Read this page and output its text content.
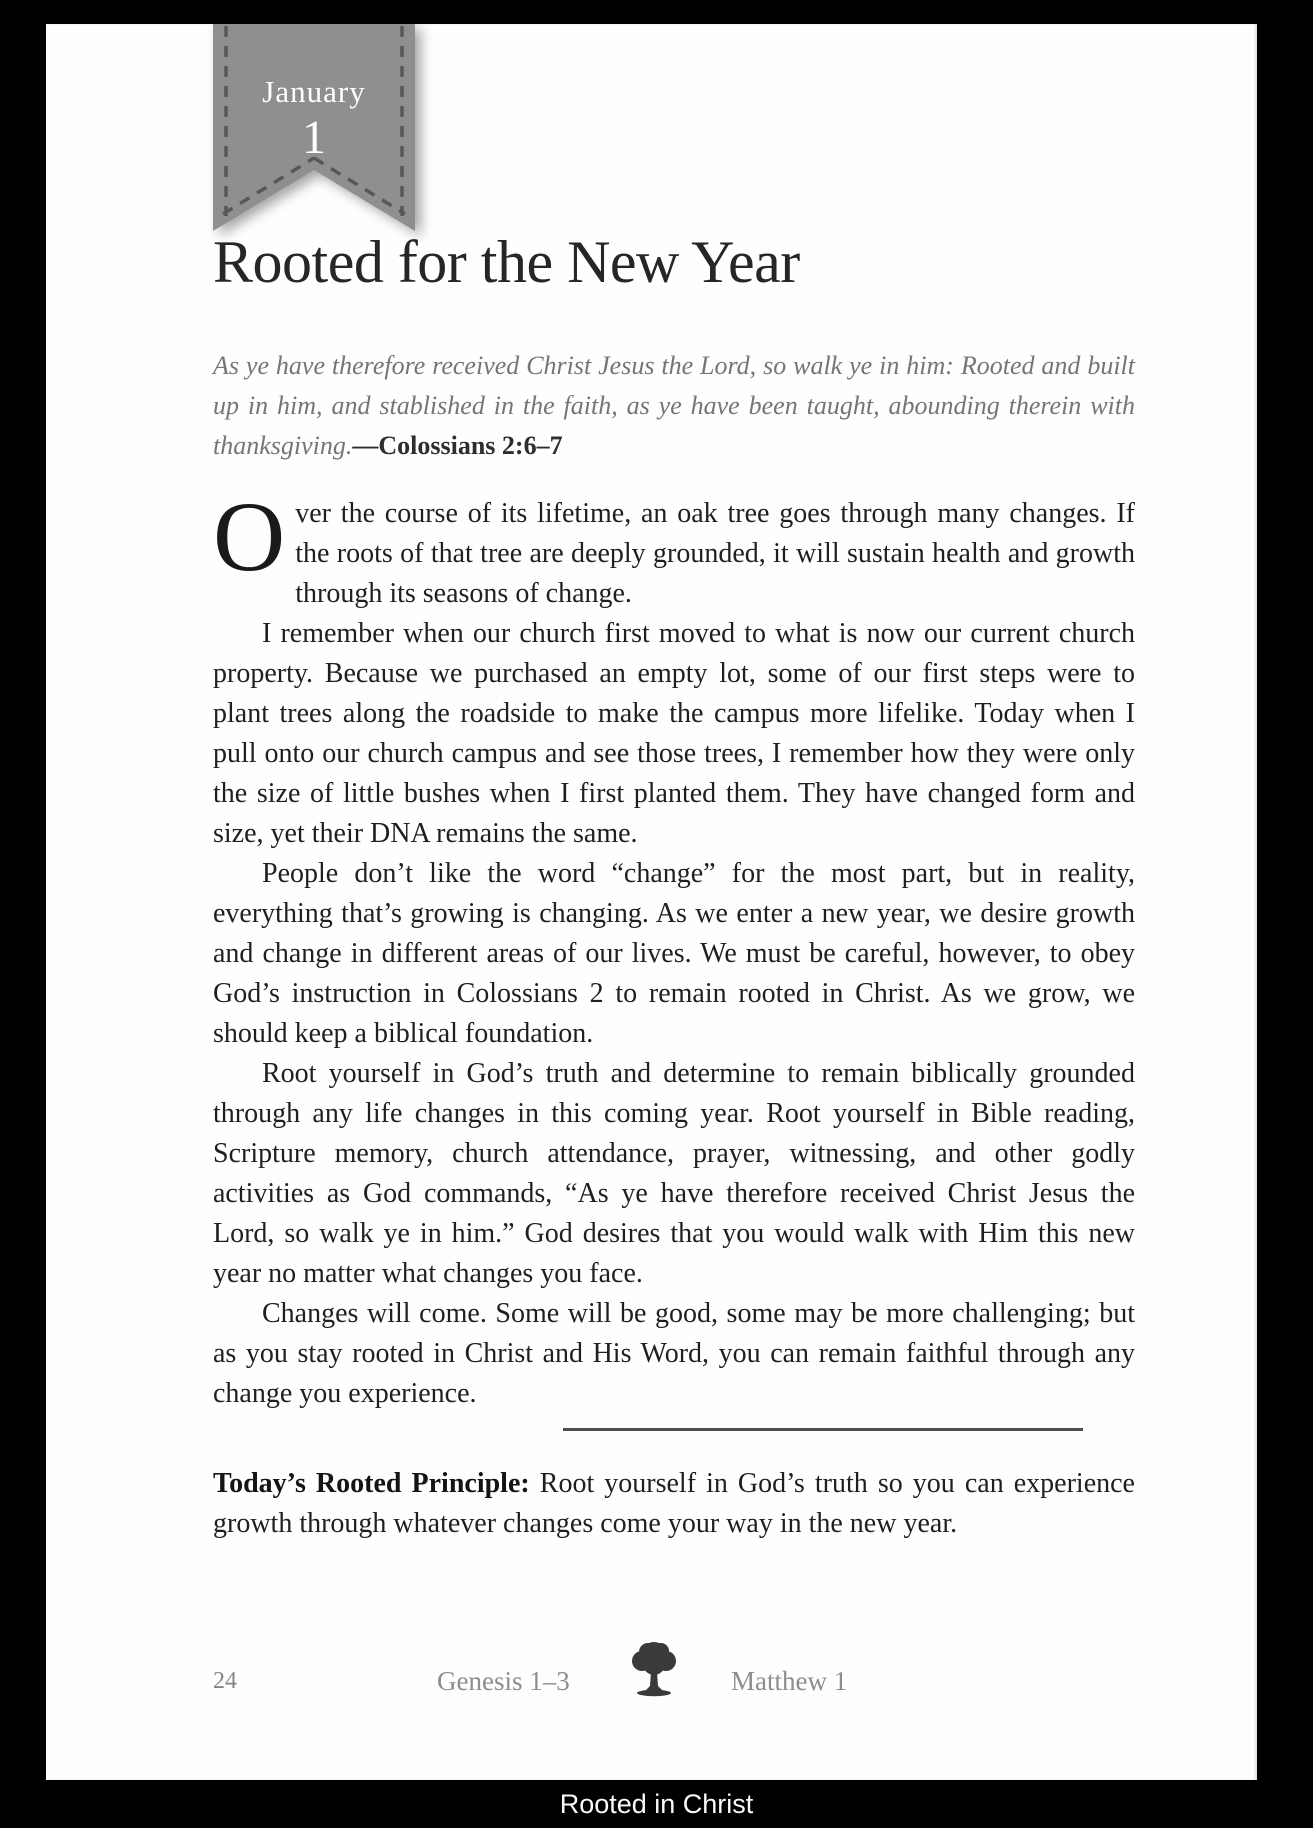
January
1
Rooted for the New Year
As ye have therefore received Christ Jesus the Lord, so walk ye in him: Rooted and built up in him, and stablished in the faith, as ye have been taught, abounding therein with thanksgiving.—Colossians 2:6–7

Over the course of its lifetime, an oak tree goes through many changes. If the roots of that tree are deeply grounded, it will sustain health and growth through its seasons of change.

I remember when our church first moved to what is now our current church property. Because we purchased an empty lot, some of our first steps were to plant trees along the roadside to make the campus more lifelike. Today when I pull onto our church campus and see those trees, I remember how they were only the size of little bushes when I first planted them. They have changed form and size, yet their DNA remains the same.

People don’t like the word “change” for the most part, but in reality, everything that’s growing is changing. As we enter a new year, we desire growth and change in different areas of our lives. We must be careful, however, to obey God’s instruction in Colossians 2 to remain rooted in Christ. As we grow, we should keep a biblical foundation.

Root yourself in God’s truth and determine to remain biblically grounded through any life changes in this coming year. Root yourself in Bible reading, Scripture memory, church attendance, prayer, witnessing, and other godly activities as God commands, “As ye have therefore received Christ Jesus the Lord, so walk ye in him.” God desires that you would walk with Him this new year no matter what changes you face.

Changes will come. Some will be good, some may be more challenging; but as you stay rooted in Christ and His Word, you can remain faithful through any change you experience.

Today’s Rooted Principle: Root yourself in God’s truth so you can experience growth through whatever changes come your way in the new year.
24	Genesis 1–3	Matthew 1
Rooted in Christ
